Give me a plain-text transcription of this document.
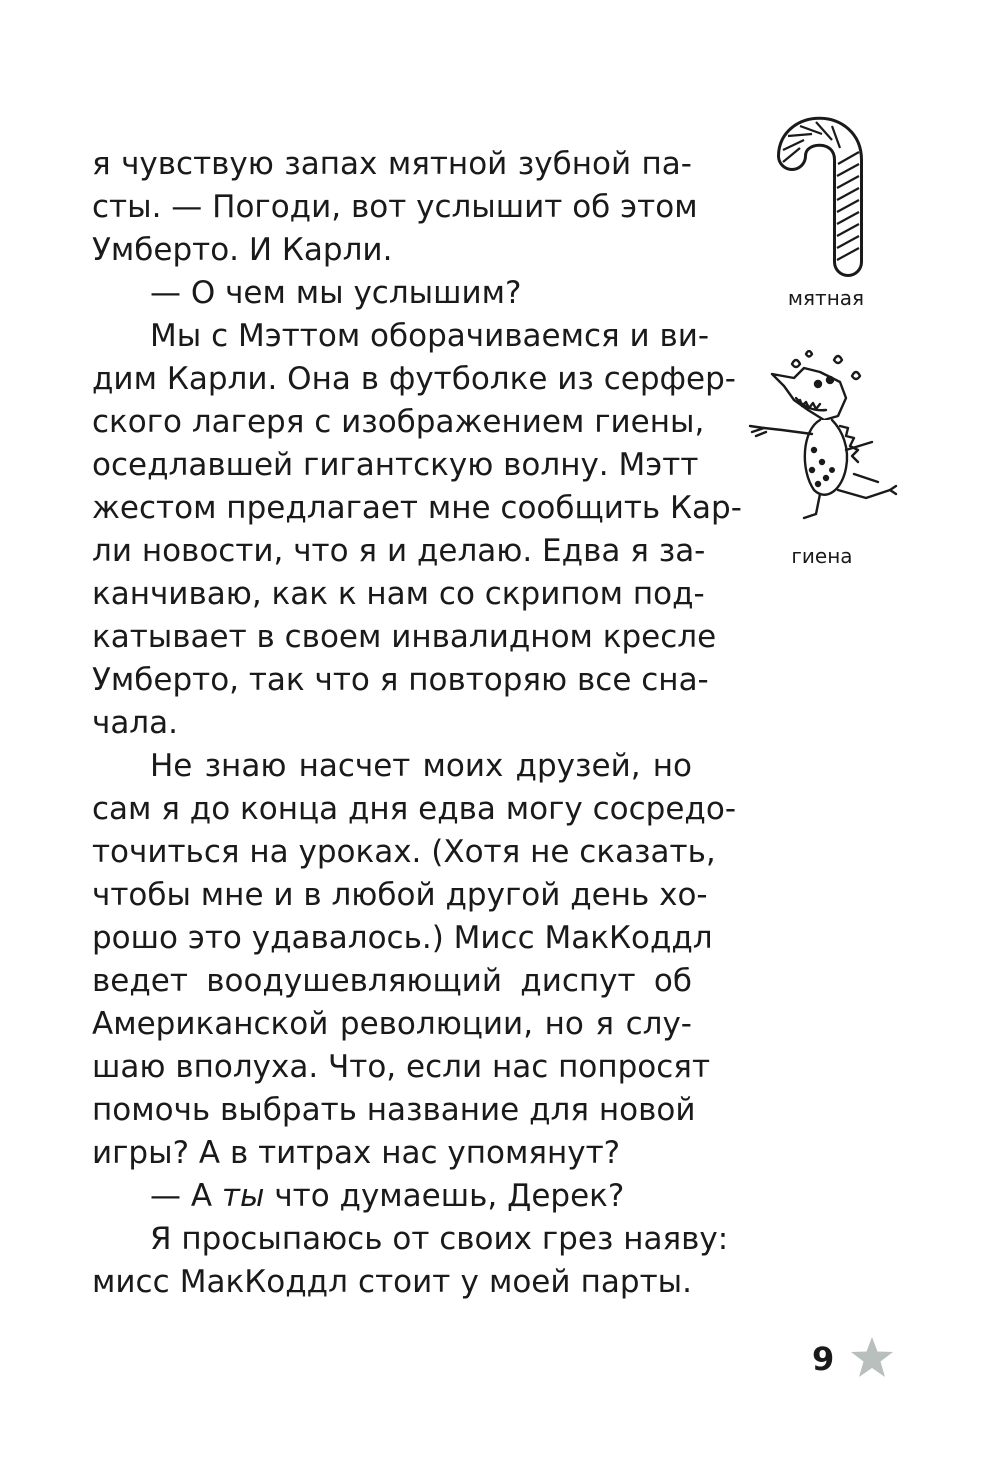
я чувствую запах мятной зубной па-
сты. — Погоди, вот услышит об этом
Умберто. И Карли.
— О чем мы услышим?
Мы с Мэттом оборачиваемся и ви-
дим Карли. Она в футболке из серфер-
ского лагеря с изображением гиены,
оседлавшей гигантскую волну. Мэтт
жестом предлагает мне сообщить Кар-
ли новости, что я и делаю. Едва я за-
канчиваю, как к нам со скрипом под-
катывает в своем инвалидном кресле
Умберто, так что я повторяю все сна-
чала.
Не знаю насчет моих друзей, но
сам я до конца дня едва могу сосредо-
точиться на уроках. (Хотя не сказать,
чтобы мне и в любой другой день хо-
рошо это удавалось.) Мисс МакКоддл
ведет воодушевляющий диспут об
Американской революции, но я слу-
шаю вполуха. Что, если нас попросят
помочь выбрать название для новой
игры? А в титрах нас упомянут?
— А ты что думаешь, Дерек?
Я просыпаюсь от своих грез наяву:
мисс МакКоддл стоит у моей парты.
мятная
гиена
9
